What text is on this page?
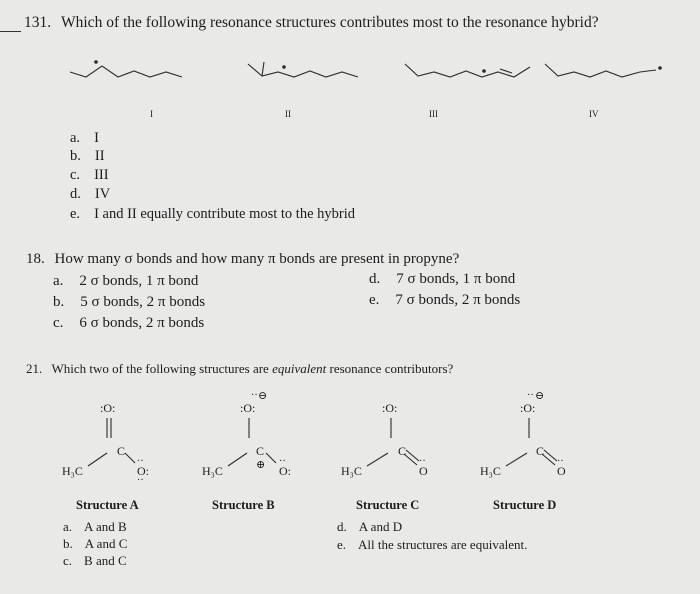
131. Which of the following resonance structures contributes most to the resonance hybrid?
I	II	III	IV
a. I
b. II
c. III
d. IV
e. I and II equally contribute most to the hybrid
18. How many σ bonds and how many π bonds are present in propyne?
a. 2 σ bonds, 1 π bond
b. 5 σ bonds, 2 π bonds
c. 6 σ bonds, 2 π bonds
d. 7 σ bonds, 1 π bond
e. 7 σ bonds, 2 π bonds
21. Which two of the following structures are equivalent resonance contributors?
:O:
C
H₃C	O:
··
··
·· ⊖
:O:
C
⊕
H₃C	O:
··
:O:
C
H₃C	O
··
·· ⊖
:O:
C
H₃C	O
··
Structure A	Structure B	Structure C	Structure D
a. A and B
b. A and C
c. B and C
d. A and D
e. All the structures are equivalent.
